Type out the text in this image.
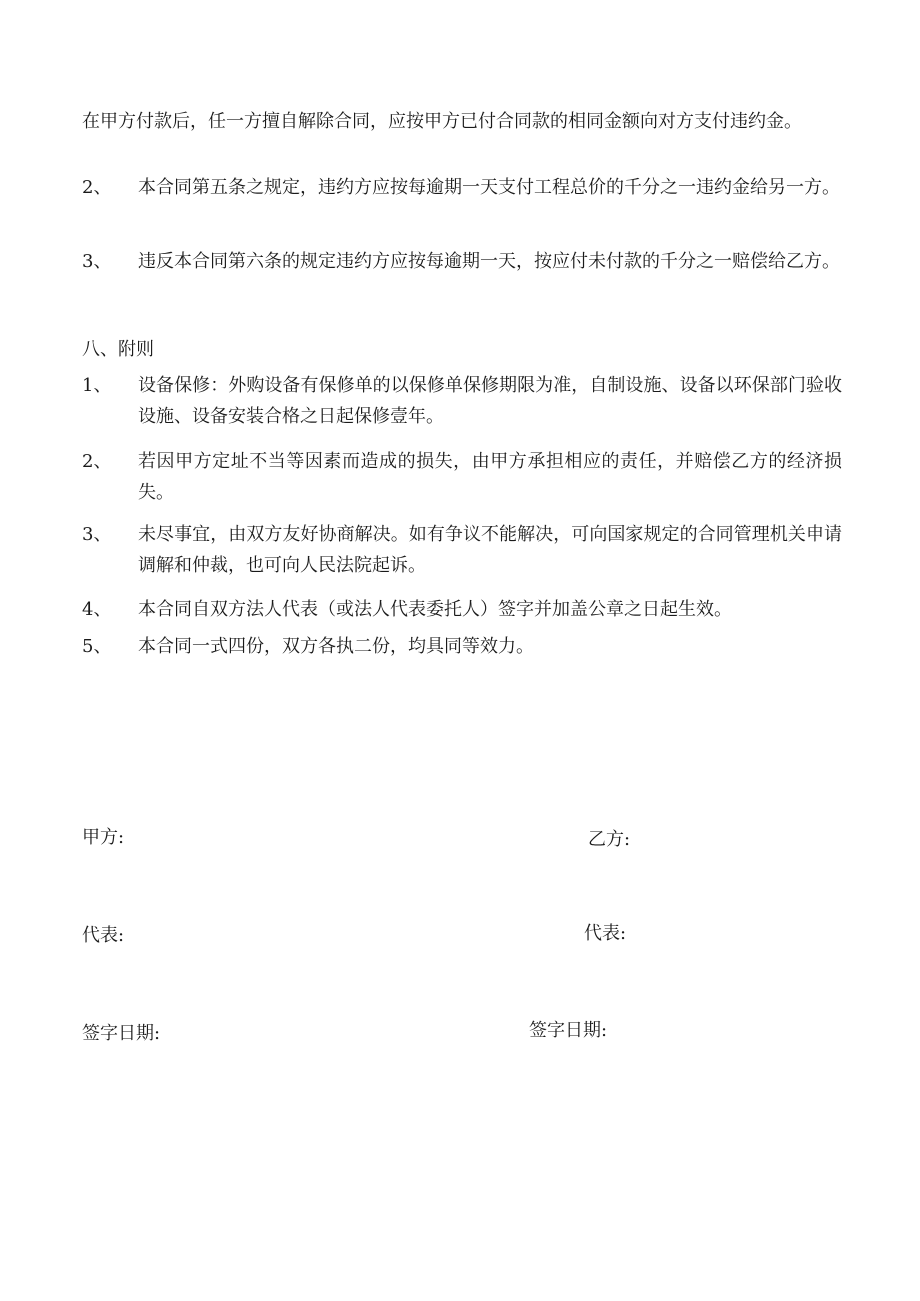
在甲方付款后，任一方擅自解除合同，应按甲方已付合同款的相同金额向对方支付违约金。

2、	本合同第五条之规定，违约方应按每逾期一天支付工程总价的千分之一违约金给另一方。
3、	违反本合同第六条的规定违约方应按每逾期一天，按应付未付款的千分之一赔偿给乙方。
八、附则
1、	设备保修：外购设备有保修单的以保修单保修期限为准，自制设施、设备以环保部门验收设施、设备安装合格之日起保修壹年。
2、	若因甲方定址不当等因素而造成的损失，由甲方承担相应的责任，并赔偿乙方的经济损失。
3、	未尽事宜，由双方友好协商解决。如有争议不能解决，可向国家规定的合同管理机关申请调解和仲裁，也可向人民法院起诉。
4、	本合同自双方法人代表（或法人代表委托人）签字并加盖公章之日起生效。
5、	本合同一式四份，双方各执二份，均具同等效力。
甲方:	乙方:
代表:	代表:
签字日期:	签字日期:
